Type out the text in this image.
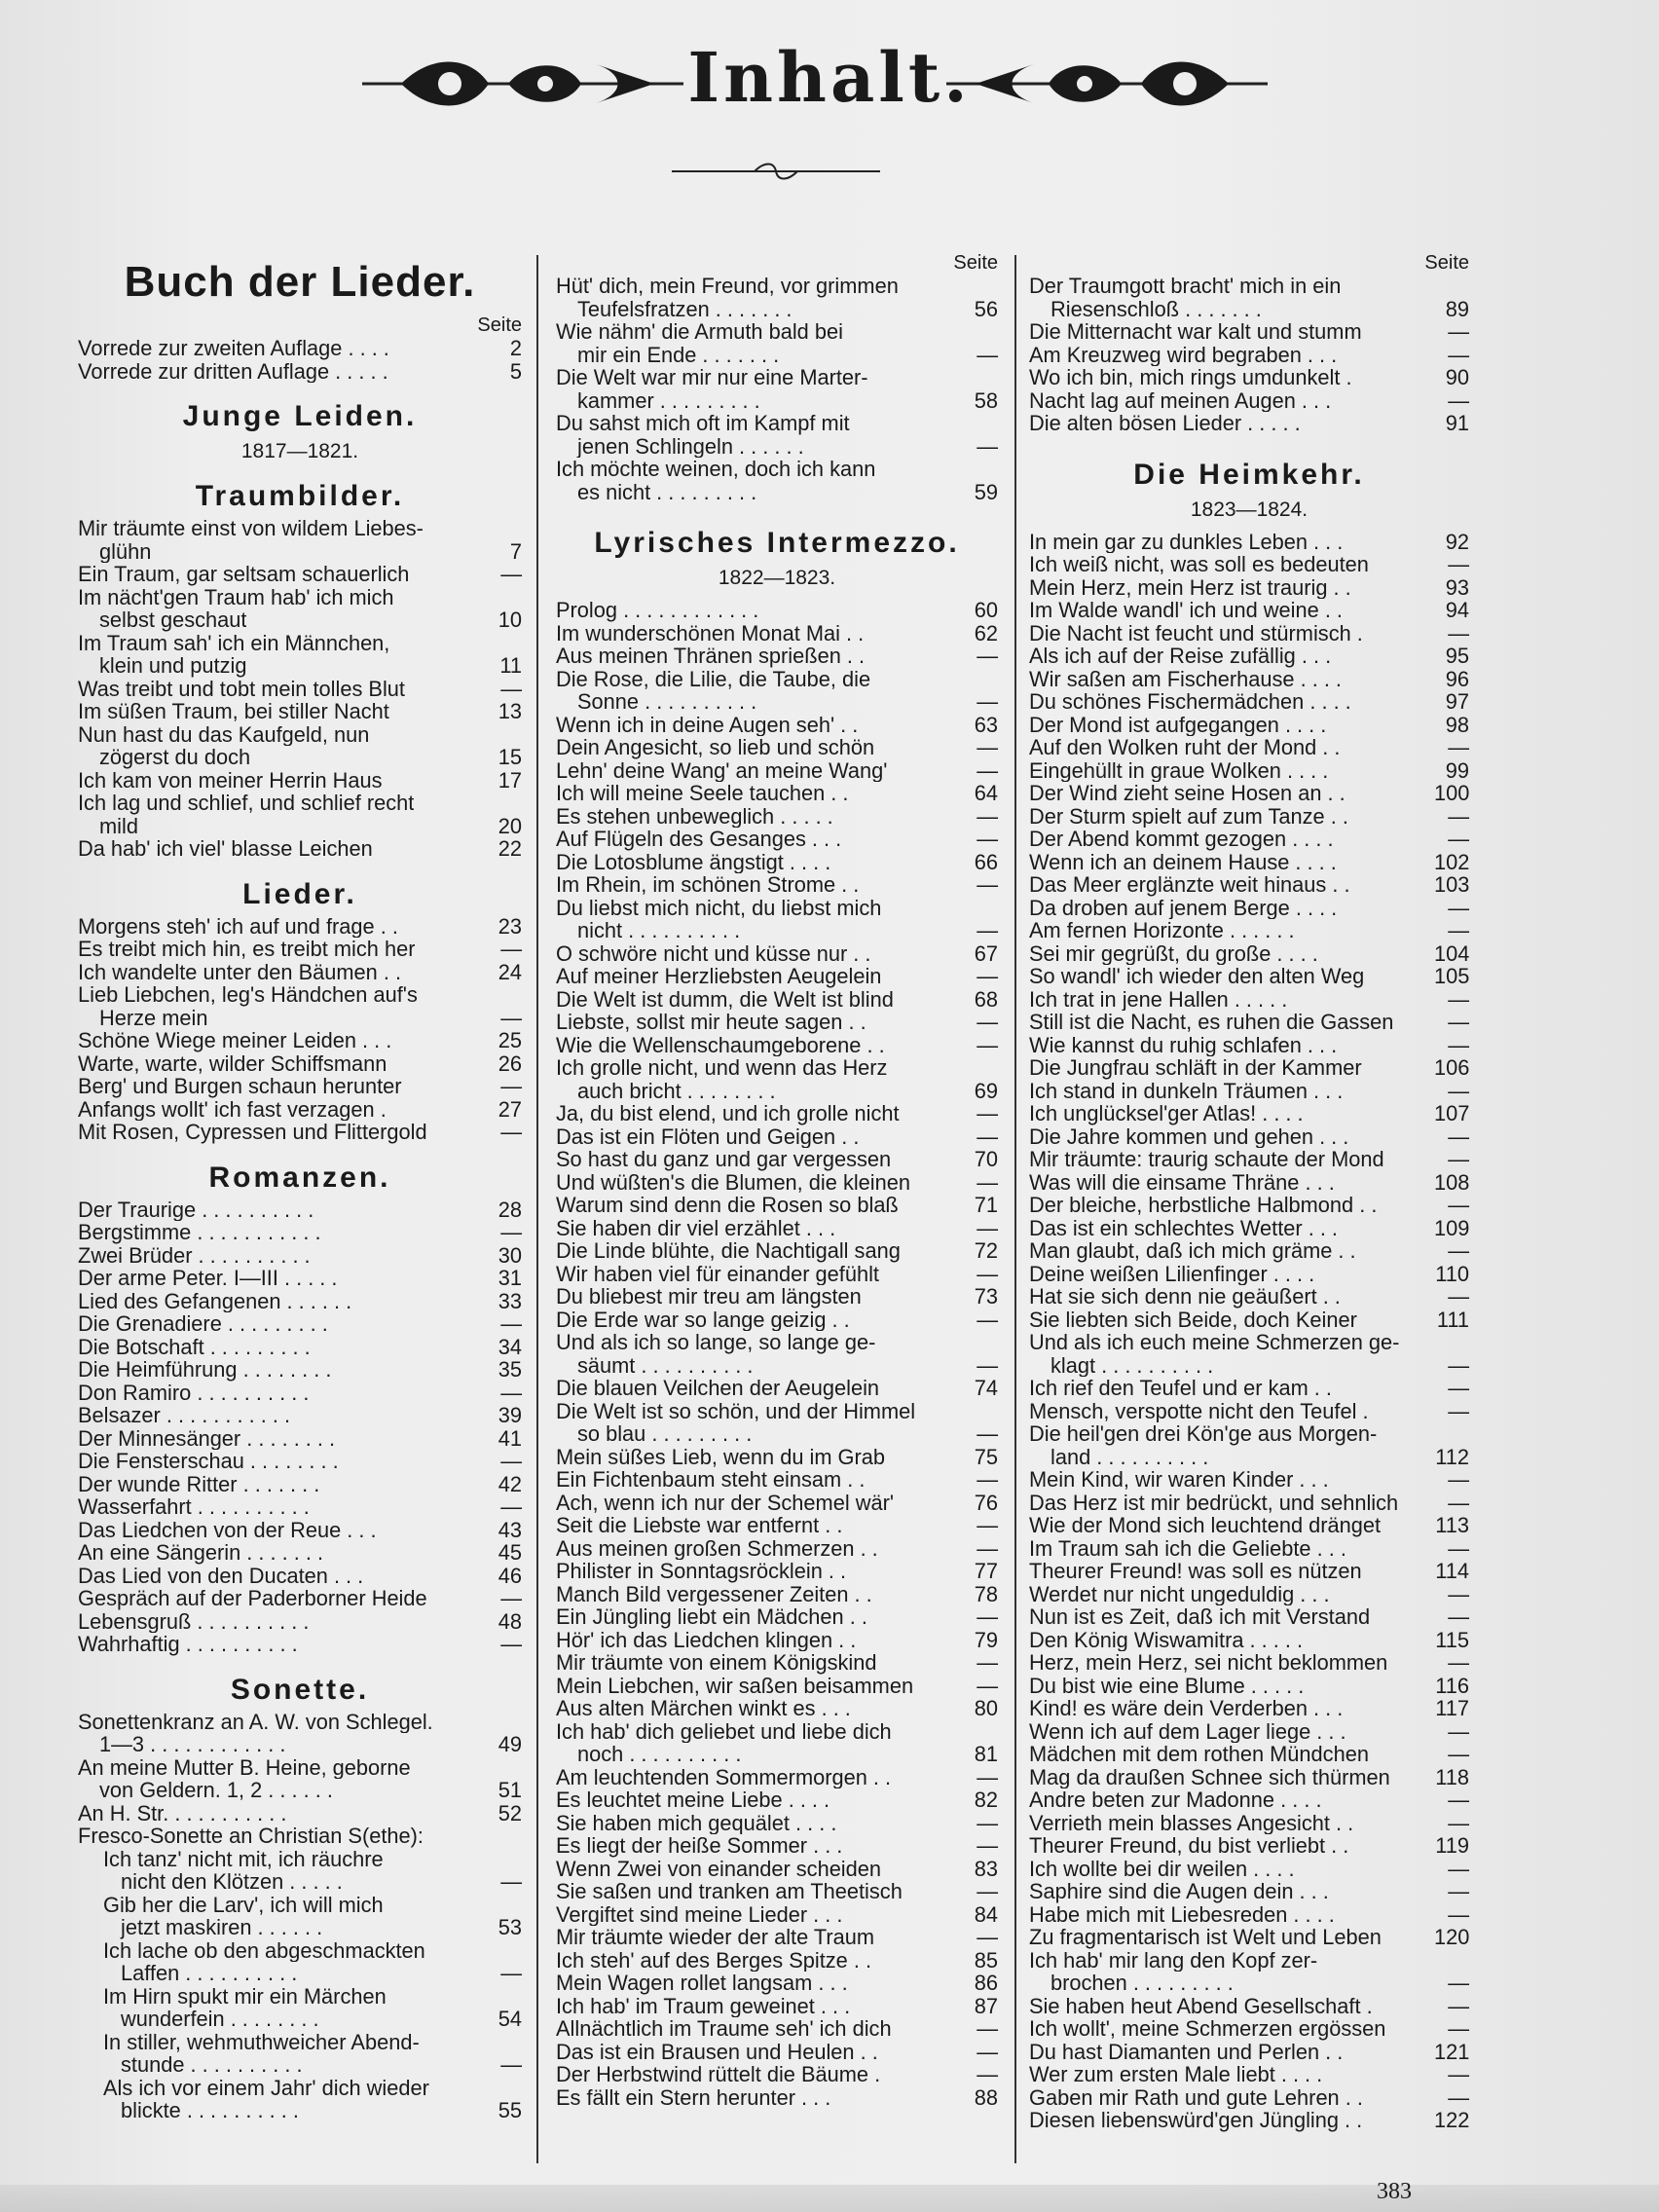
Inhalt.
Buch der Lieder.
Seite
Vorrede zur zweiten Auflage . . . .	2
Vorrede zur dritten Auflage . . . . .	5
Junge Leiden.
1817—1821.
Traumbilder.
Mir träumte einst von wildem Liebes-
glühn	7
Ein Traum, gar seltsam schauerlich	—
Im nächt'gen Traum hab' ich mich
selbst geschaut	10
Im Traum sah' ich ein Männchen,
klein und putzig	11
Was treibt und tobt mein tolles Blut	—
Im süßen Traum, bei stiller Nacht	13
Nun hast du das Kaufgeld, nun
zögerst du doch	15
Ich kam von meiner Herrin Haus	17
Ich lag und schlief, und schlief recht
mild	20
Da hab' ich viel' blasse Leichen	22
Lieder.
Morgens steh' ich auf und frage . .	23
Es treibt mich hin, es treibt mich her	—
Ich wandelte unter den Bäumen . .	24
Lieb Liebchen, leg's Händchen auf's
Herze mein	—
Schöne Wiege meiner Leiden . . .	25
Warte, warte, wilder Schiffsmann	26
Berg' und Burgen schaun herunter	—
Anfangs wollt' ich fast verzagen .	27
Mit Rosen, Cypressen und Flittergold	—
Romanzen.
Der Traurige . . . . . . . . . .	28
Bergstimme . . . . . . . . . . .	—
Zwei Brüder . . . . . . . . . .	30
Der arme Peter. I—III . . . . .	31
Lied des Gefangenen . . . . . .	33
Die Grenadiere . . . . . . . . .	—
Die Botschaft . . . . . . . . .	34
Die Heimführung . . . . . . . .	35
Don Ramiro . . . . . . . . . .	—
Belsazer . . . . . . . . . . .	39
Der Minnesänger . . . . . . . .	41
Die Fensterschau . . . . . . . .	—
Der wunde Ritter . . . . . . .	42
Wasserfahrt . . . . . . . . . .	—
Das Liedchen von der Reue . . .	43
An eine Sängerin . . . . . . .	45
Das Lied von den Ducaten . . .	46
Gespräch auf der Paderborner Heide	—
Lebensgruß . . . . . . . . . .	48
Wahrhaftig . . . . . . . . . .	—
Sonette.
Sonettenkranz an A. W. von Schlegel.
1—3 . . . . . . . . . . . .	49
An meine Mutter B. Heine, geborne
von Geldern. 1, 2 . . . . . .	51
An H. Str. . . . . . . . . . .	52
Fresco-Sonette an Christian S(ethe):
Ich tanz' nicht mit, ich räuchre
nicht den Klötzen . . . . .	—
Gib her die Larv', ich will mich
jetzt maskiren . . . . . .	53
Ich lache ob den abgeschmackten
Laffen . . . . . . . . . .	—
Im Hirn spukt mir ein Märchen
wunderfein . . . . . . . .	54
In stiller, wehmuthweicher Abend-
stunde . . . . . . . . . .	—
Als ich vor einem Jahr' dich wieder
blickte . . . . . . . . . .	55
Seite
Hüt' dich, mein Freund, vor grimmen
Teufelsfratzen . . . . . . .	56
Wie nähm' die Armuth bald bei
mir ein Ende . . . . . . .	—
Die Welt war mir nur eine Marter-
kammer . . . . . . . . .	58
Du sahst mich oft im Kampf mit
jenen Schlingeln . . . . . .	—
Ich möchte weinen, doch ich kann
es nicht . . . . . . . . .	59
Lyrisches Intermezzo.
1822—1823.
Prolog . . . . . . . . . . . .	60
Im wunderschönen Monat Mai . .	62
Aus meinen Thränen sprießen . .	—
Die Rose, die Lilie, die Taube, die
Sonne . . . . . . . . . .	—
Wenn ich in deine Augen seh' . .	63
Dein Angesicht, so lieb und schön	—
Lehn' deine Wang' an meine Wang'	—
Ich will meine Seele tauchen . .	64
Es stehen unbeweglich . . . . .	—
Auf Flügeln des Gesanges . . .	—
Die Lotosblume ängstigt . . . .	66
Im Rhein, im schönen Strome . .	—
Du liebst mich nicht, du liebst mich
nicht . . . . . . . . . .	—
O schwöre nicht und küsse nur . .	67
Auf meiner Herzliebsten Aeugelein	—
Die Welt ist dumm, die Welt ist blind	68
Liebste, sollst mir heute sagen . .	—
Wie die Wellenschaumgeborene . .	—
Ich grolle nicht, und wenn das Herz
auch bricht . . . . . . . .	69
Ja, du bist elend, und ich grolle nicht	—
Das ist ein Flöten und Geigen . .	—
So hast du ganz und gar vergessen	70
Und wüßten's die Blumen, die kleinen	—
Warum sind denn die Rosen so blaß	71
Sie haben dir viel erzählet . . .	—
Die Linde blühte, die Nachtigall sang	72
Wir haben viel für einander gefühlt	—
Du bliebest mir treu am längsten	73
Die Erde war so lange geizig . .	—
Und als ich so lange, so lange ge-
säumt . . . . . . . . . .	—
Die blauen Veilchen der Aeugelein	74
Die Welt ist so schön, und der Himmel
so blau . . . . . . . . .	—
Mein süßes Lieb, wenn du im Grab	75
Ein Fichtenbaum steht einsam . .	—
Ach, wenn ich nur der Schemel wär'	76
Seit die Liebste war entfernt . .	—
Aus meinen großen Schmerzen . .	—
Philister in Sonntagsröcklein . .	77
Manch Bild vergessener Zeiten . .	78
Ein Jüngling liebt ein Mädchen . .	—
Hör' ich das Liedchen klingen . .	79
Mir träumte von einem Königskind	—
Mein Liebchen, wir saßen beisammen	—
Aus alten Märchen winkt es . . .	80
Ich hab' dich geliebet und liebe dich
noch . . . . . . . . . .	81
Am leuchtenden Sommermorgen . .	—
Es leuchtet meine Liebe . . . .	82
Sie haben mich gequälet . . . .	—
Es liegt der heiße Sommer . . .	—
Wenn Zwei von einander scheiden	83
Sie saßen und tranken am Theetisch	—
Vergiftet sind meine Lieder . . .	84
Mir träumte wieder der alte Traum	—
Ich steh' auf des Berges Spitze . .	85
Mein Wagen rollet langsam . . .	86
Ich hab' im Traum geweinet . . .	87
Allnächtlich im Traume seh' ich dich	—
Das ist ein Brausen und Heulen . .	—
Der Herbstwind rüttelt die Bäume .	—
Es fällt ein Stern herunter . . .	88
Seite
Der Traumgott bracht' mich in ein
Riesenschloß . . . . . . .	89
Die Mitternacht war kalt und stumm	—
Am Kreuzweg wird begraben . . .	—
Wo ich bin, mich rings umdunkelt .	90
Nacht lag auf meinen Augen . . .	—
Die alten bösen Lieder . . . . .	91
Die Heimkehr.
1823—1824.
In mein gar zu dunkles Leben . . .	92
Ich weiß nicht, was soll es bedeuten	—
Mein Herz, mein Herz ist traurig . .	93
Im Walde wandl' ich und weine . .	94
Die Nacht ist feucht und stürmisch .	—
Als ich auf der Reise zufällig . . .	95
Wir saßen am Fischerhause . . . .	96
Du schönes Fischermädchen . . . .	97
Der Mond ist aufgegangen . . . .	98
Auf den Wolken ruht der Mond . .	—
Eingehüllt in graue Wolken . . . .	99
Der Wind zieht seine Hosen an . .	100
Der Sturm spielt auf zum Tanze . .	—
Der Abend kommt gezogen . . . .	—
Wenn ich an deinem Hause . . . .	102
Das Meer erglänzte weit hinaus . .	103
Da droben auf jenem Berge . . . .	—
Am fernen Horizonte . . . . . .	—
Sei mir gegrüßt, du große . . . .	104
So wandl' ich wieder den alten Weg	105
Ich trat in jene Hallen . . . . .	—
Still ist die Nacht, es ruhen die Gassen	—
Wie kannst du ruhig schlafen . . .	—
Die Jungfrau schläft in der Kammer	106
Ich stand in dunkeln Träumen . . .	—
Ich unglücksel'ger Atlas! . . . .	107
Die Jahre kommen und gehen . . .	—
Mir träumte: traurig schaute der Mond	—
Was will die einsame Thräne . . .	108
Der bleiche, herbstliche Halbmond . .	—
Das ist ein schlechtes Wetter . . .	109
Man glaubt, daß ich mich gräme . .	—
Deine weißen Lilienfinger . . . .	110
Hat sie sich denn nie geäußert . .	—
Sie liebten sich Beide, doch Keiner	111
Und als ich euch meine Schmerzen ge-
klagt . . . . . . . . . .	—
Ich rief den Teufel und er kam . .	—
Mensch, verspotte nicht den Teufel .	—
Die heil'gen drei Kön'ge aus Morgen-
land . . . . . . . . . .	112
Mein Kind, wir waren Kinder . . .	—
Das Herz ist mir bedrückt, und sehnlich	—
Wie der Mond sich leuchtend dränget	113
Im Traum sah ich die Geliebte . . .	—
Theurer Freund! was soll es nützen	114
Werdet nur nicht ungeduldig . . .	—
Nun ist es Zeit, daß ich mit Verstand	—
Den König Wiswamitra . . . . .	115
Herz, mein Herz, sei nicht beklommen	—
Du bist wie eine Blume . . . . .	116
Kind! es wäre dein Verderben . . .	117
Wenn ich auf dem Lager liege . . .	—
Mädchen mit dem rothen Mündchen	—
Mag da draußen Schnee sich thürmen 118
Andre beten zur Madonne . . . .	—
Verrieth mein blasses Angesicht . .	—
Theurer Freund, du bist verliebt . .	119
Ich wollte bei dir weilen . . . .	—
Saphire sind die Augen dein . . .	—
Habe mich mit Liebesreden . . . .	—
Zu fragmentarisch ist Welt und Leben 120
Ich hab' mir lang den Kopf zer-
brochen . . . . . . . . .	—
Sie haben heut Abend Gesellschaft .	—
Ich wollt', meine Schmerzen ergössen	—
Du hast Diamanten und Perlen . .	121
Wer zum ersten Male liebt . . . .	—
Gaben mir Rath und gute Lehren . .	—
Diesen liebenswürd'gen Jüngling . .	122
383
